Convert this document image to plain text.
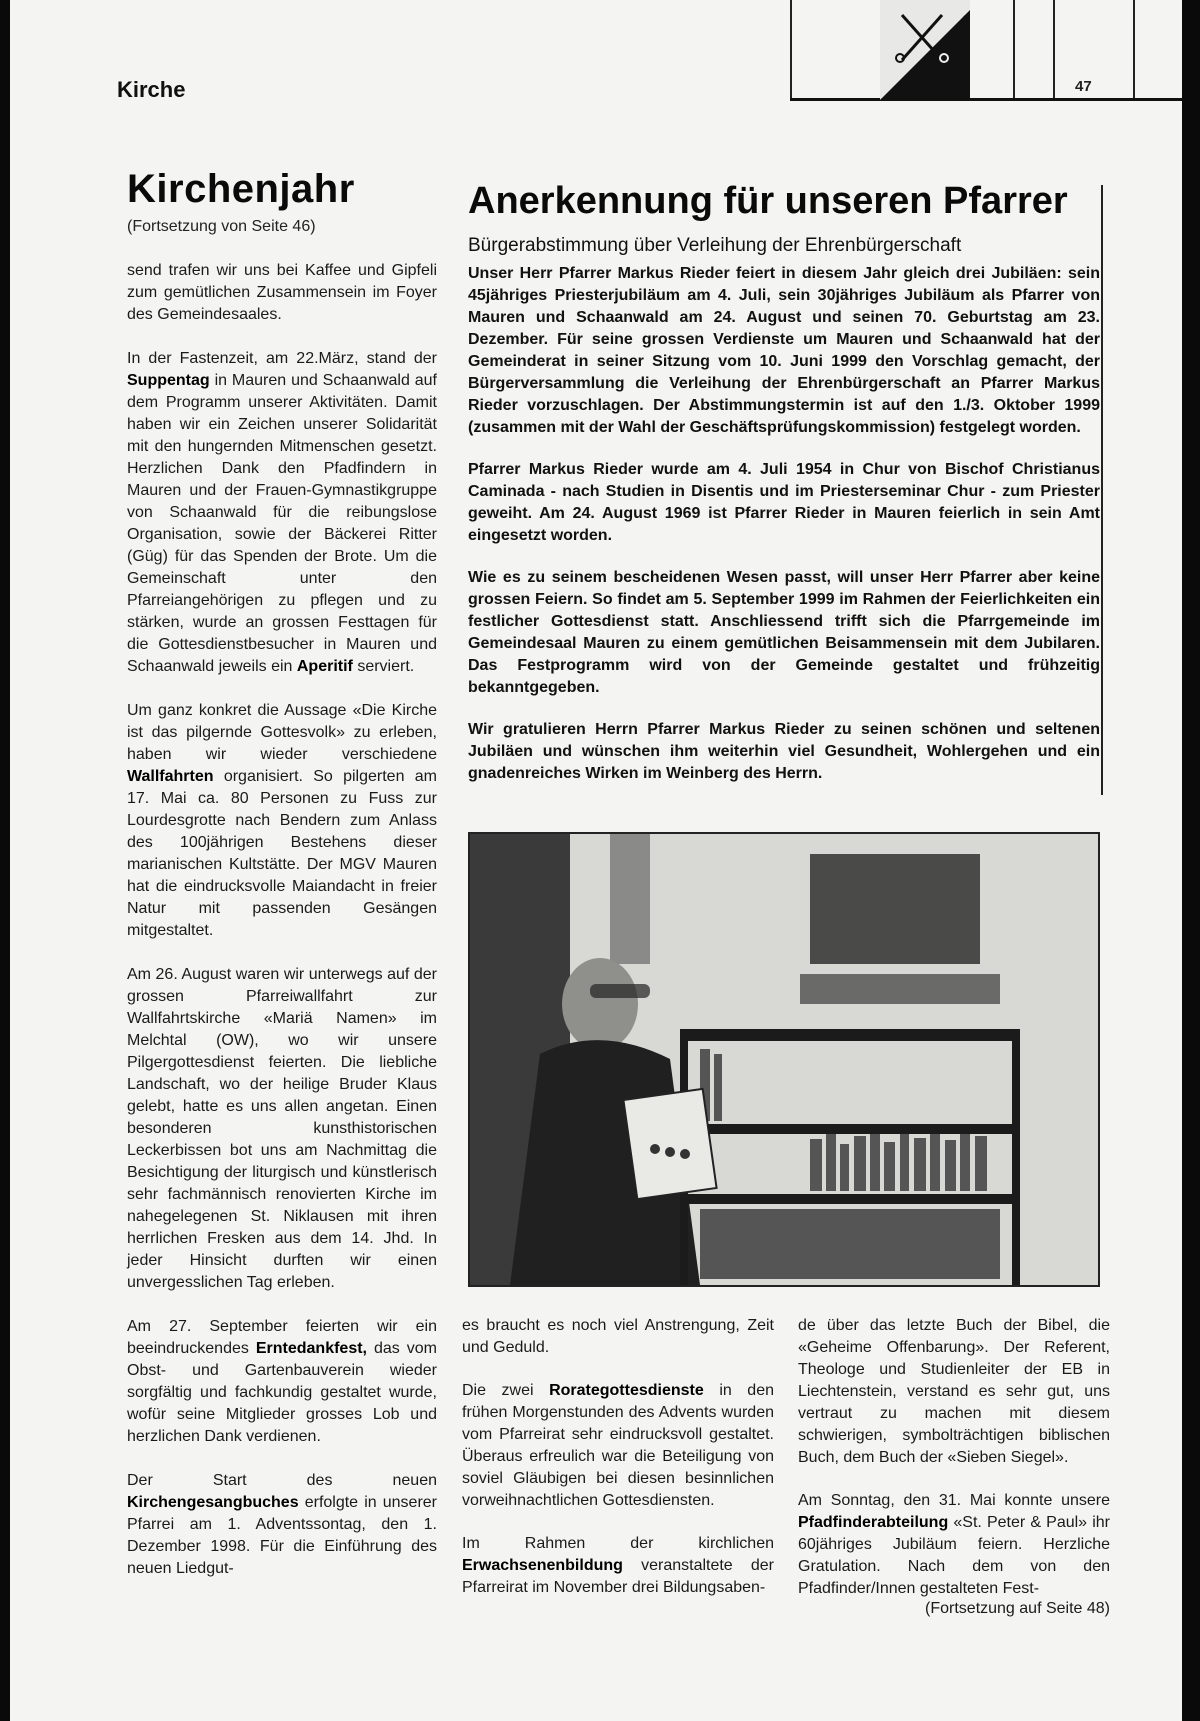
Kirche	47
Kirchenjahr
(Fortsetzung von Seite 46)

send trafen wir uns bei Kaffee und Gipfeli zum gemütlichen Zusammensein im Foyer des Gemeindesaales.

In der Fastenzeit, am 22.März, stand der Suppentag in Mauren und Schaanwald auf dem Programm unserer Aktivitäten. Damit haben wir ein Zeichen unserer Solidarität mit den hungernden Mitmenschen gesetzt. Herzlichen Dank den Pfadfindern in Mauren und der Frauen-Gymnastikgruppe von Schaanwald für die reibungslose Organisation, sowie der Bäckerei Ritter (Güg) für das Spenden der Brote. Um die Gemeinschaft unter den Pfarreiangehörigen zu pflegen und zu stärken, wurde an grossen Festtagen für die Gottesdienstbesucher in Mauren und Schaanwald jeweils ein Aperitif serviert.

Um ganz konkret die Aussage «Die Kirche ist das pilgernde Gottesvolk» zu erleben, haben wir wieder verschiedene Wallfahrten organisiert. So pilgerten am 17. Mai ca. 80 Personen zu Fuss zur Lourdesgrotte nach Bendern zum Anlass des 100jährigen Bestehens dieser marianischen Kultstätte. Der MGV Mauren hat die eindrucksvolle Maiandacht in freier Natur mit passenden Gesängen mitgestaltet.

Am 26. August waren wir unterwegs auf der grossen Pfarreiwallfahrt zur Wallfahrtskirche «Mariä Namen» im Melchtal (OW), wo wir unsere Pilgergottesdienst feierten. Die liebliche Landschaft, wo der heilige Bruder Klaus gelebt, hatte es uns allen angetan. Einen besonderen kunsthistorischen Leckerbissen bot uns am Nachmittag die Besichtigung der liturgisch und künstlerisch sehr fachmännisch renovierten Kirche im nahegelegenen St. Niklausen mit ihren herrlichen Fresken aus dem 14. Jhd. In jeder Hinsicht durften wir einen unvergesslichen Tag erleben.

Am 27. September feierten wir ein beeindruckendes Erntedankfest, das vom Obst- und Gartenbauverein wieder sorgfältig und fachkundig gestaltet wurde, wofür seine Mitglieder grosses Lob und herzlichen Dank verdienen.

Der Start des neuen Kirchengesangbuches erfolgte in unserer Pfarrei am 1. Adventssontag, den 1. Dezember 1998. Für die Einführung des neuen Liedgut-

Anerkennung für unseren Pfarrer
Bürgerabstimmung über Verleihung der Ehrenbürgerschaft

Unser Herr Pfarrer Markus Rieder feiert in diesem Jahr gleich drei Jubiläen: sein 45jähriges Priesterjubiläum am 4. Juli, sein 30jähriges Jubiläum als Pfarrer von Mauren und Schaanwald am 24. August und seinen 70. Geburtstag am 23. Dezember. Für seine grossen Verdienste um Mauren und Schaanwald hat der Gemeinderat in seiner Sitzung vom 10. Juni 1999 den Vorschlag gemacht, der Bürgerversammlung die Verleihung der Ehrenbürgerschaft an Pfarrer Markus Rieder vorzuschlagen. Der Abstimmungstermin ist auf den 1./3. Oktober 1999 (zusammen mit der Wahl der Geschäftsprüfungskommission) festgelegt worden.

Pfarrer Markus Rieder wurde am 4. Juli 1954 in Chur von Bischof Christianus Caminada - nach Studien in Disentis und im Priesterseminar Chur - zum Priester geweiht. Am 24. August 1969 ist Pfarrer Rieder in Mauren feierlich in sein Amt eingesetzt worden.

Wie es zu seinem bescheidenen Wesen passt, will unser Herr Pfarrer aber keine grossen Feiern. So findet am 5. September 1999 im Rahmen der Feierlichkeiten ein festlicher Gottesdienst statt. Anschliessend trifft sich die Pfarrgemeinde im Gemeindesaal Mauren zu einem gemütlichen Beisammensein mit dem Jubilaren. Das Festprogramm wird von der Gemeinde gestaltet und frühzeitig bekanntgegeben.

Wir gratulieren Herrn Pfarrer Markus Rieder zu seinen schönen und seltenen Jubiläen und wünschen ihm weiterhin viel Gesundheit, Wohlergehen und ein gnadenreiches Wirken im Weinberg des Herrn.

es braucht es noch viel Anstrengung, Zeit und Geduld.

Die zwei Rorategottesdienste in den frühen Morgenstunden des Advents wurden vom Pfarreirat sehr eindrucksvoll gestaltet. Überaus erfreulich war die Beteiligung von soviel Gläubigen bei diesen besinnlichen vorweihnachtlichen Gottesdiensten.

Im Rahmen der kirchlichen Erwachsenenbildung veranstaltete der Pfarreirat im November drei Bildungsaben-

de über das letzte Buch der Bibel, die «Geheime Offenbarung». Der Referent, Theologe und Studienleiter der EB in Liechtenstein, verstand es sehr gut, uns vertraut zu machen mit diesem schwierigen, symbolträchtigen biblischen Buch, dem Buch der «Sieben Siegel».

Am Sonntag, den 31. Mai konnte unsere Pfadfinderabteilung «St. Peter & Paul» ihr 60jähriges Jubiläum feiern. Herzliche Gratulation. Nach dem von den Pfadfinder/Innen gestalteten Fest-

(Fortsetzung auf Seite 48)
